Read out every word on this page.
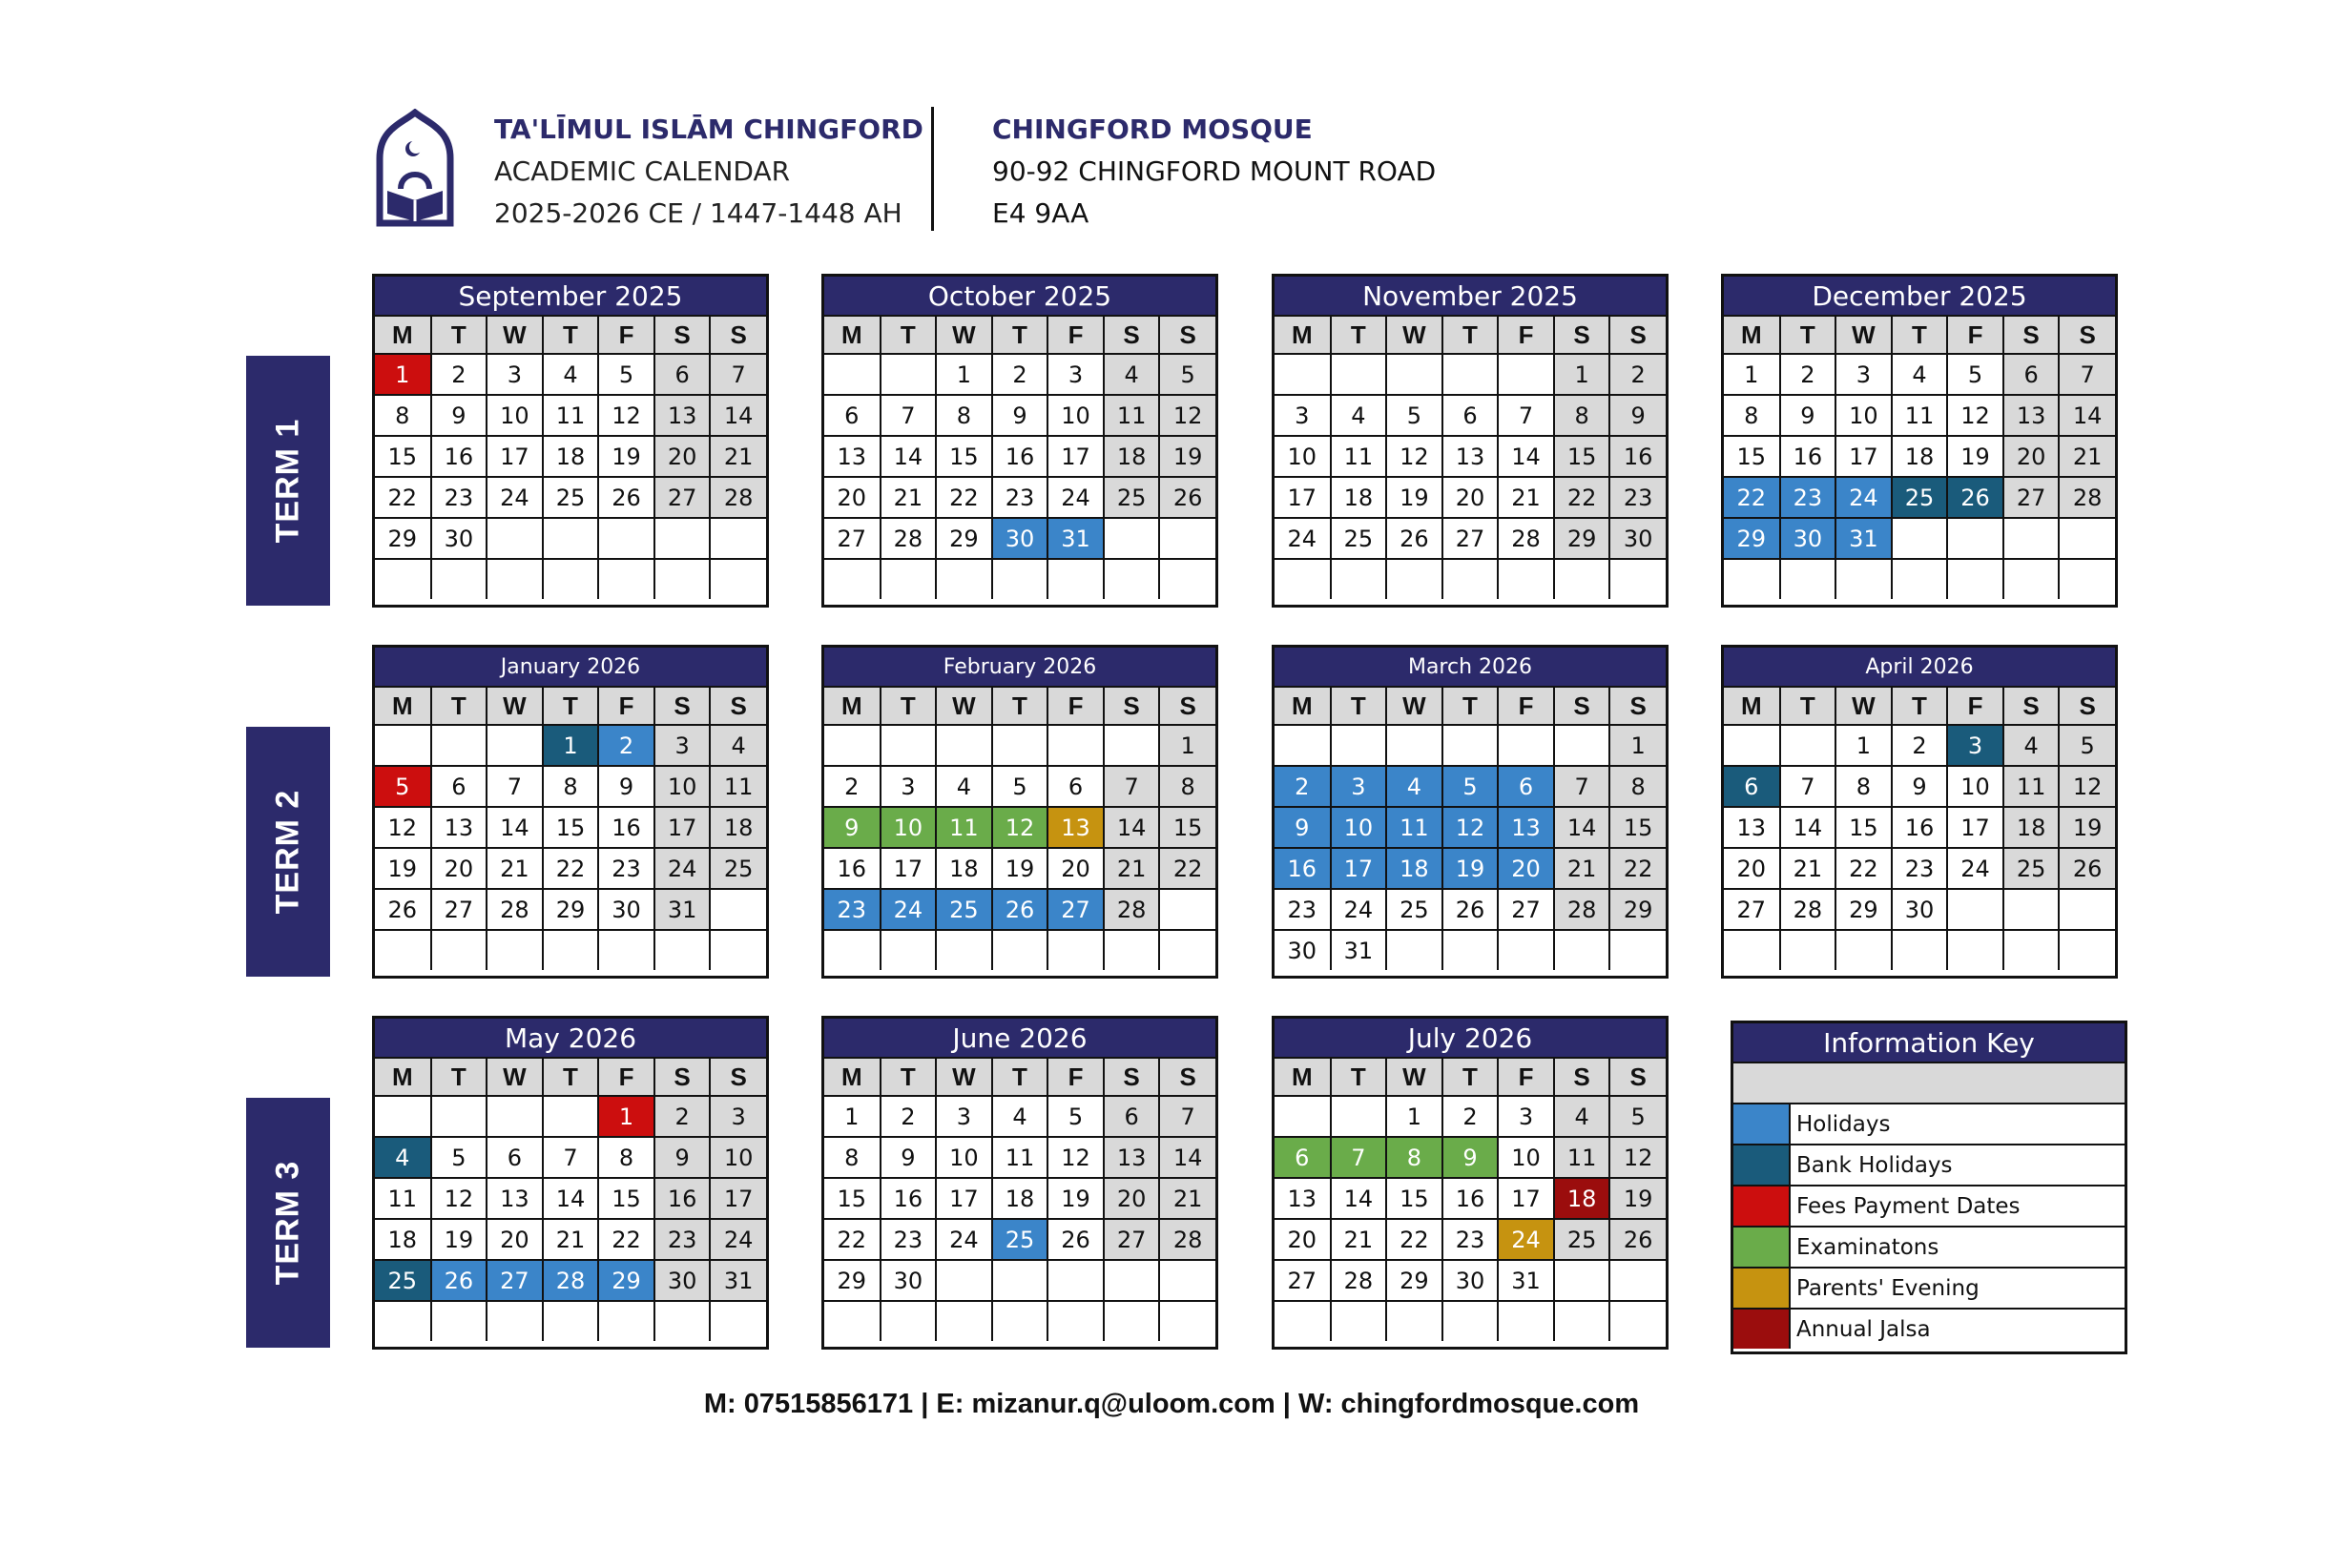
TA'LĪMUL ISLĀM CHINGFORD
ACADEMIC CALENDAR
2025-2026 CE / 1447-1448 AH
CHINGFORD MOSQUE
90-92 CHINGFORD MOUNT ROAD
E4 9AA
TERM 1
TERM 2
TERM 3
September 2025
M	T	W	T	F	S	S
1	2	3	4	5	6	7
8	9	10	11	12	13	14
15	16	17	18	19	20	21
22	23	24	25	26	27	28
29	30					

October 2025
M	T	W	T	F	S	S
		1	2	3	4	5
6	7	8	9	10	11	12
13	14	15	16	17	18	19
20	21	22	23	24	25	26
27	28	29	30	31		

November 2025
M	T	W	T	F	S	S
					1	2
3	4	5	6	7	8	9
10	11	12	13	14	15	16
17	18	19	20	21	22	23
24	25	26	27	28	29	30

December 2025
M	T	W	T	F	S	S
1	2	3	4	5	6	7
8	9	10	11	12	13	14
15	16	17	18	19	20	21
22	23	24	25	26	27	28
29	30	31				

January 2026
M	T	W	T	F	S	S
			1	2	3	4
5	6	7	8	9	10	11
12	13	14	15	16	17	18
19	20	21	22	23	24	25
26	27	28	29	30	31	

February 2026
M	T	W	T	F	S	S
						1
2	3	4	5	6	7	8
9	10	11	12	13	14	15
16	17	18	19	20	21	22
23	24	25	26	27	28	

March 2026
M	T	W	T	F	S	S
						1
2	3	4	5	6	7	8
9	10	11	12	13	14	15
16	17	18	19	20	21	22
23	24	25	26	27	28	29
30	31					
April 2026
M	T	W	T	F	S	S
		1	2	3	4	5
6	7	8	9	10	11	12
13	14	15	16	17	18	19
20	21	22	23	24	25	26
27	28	29	30			

May 2026
M	T	W	T	F	S	S
				1	2	3
4	5	6	7	8	9	10
11	12	13	14	15	16	17
18	19	20	21	22	23	24
25	26	27	28	29	30	31

June 2026
M	T	W	T	F	S	S
1	2	3	4	5	6	7
8	9	10	11	12	13	14
15	16	17	18	19	20	21
22	23	24	25	26	27	28
29	30					

July 2026
M	T	W	T	F	S	S
		1	2	3	4	5
6	7	8	9	10	11	12
13	14	15	16	17	18	19
20	21	22	23	24	25	26
27	28	29	30	31		

Information Key
Holidays
Bank Holidays
Fees Payment Dates
Examinatons
Parents' Evening
Annual Jalsa
M: 07515856171 | E: mizanur.q@uloom.com | W: chingfordmosque.com
